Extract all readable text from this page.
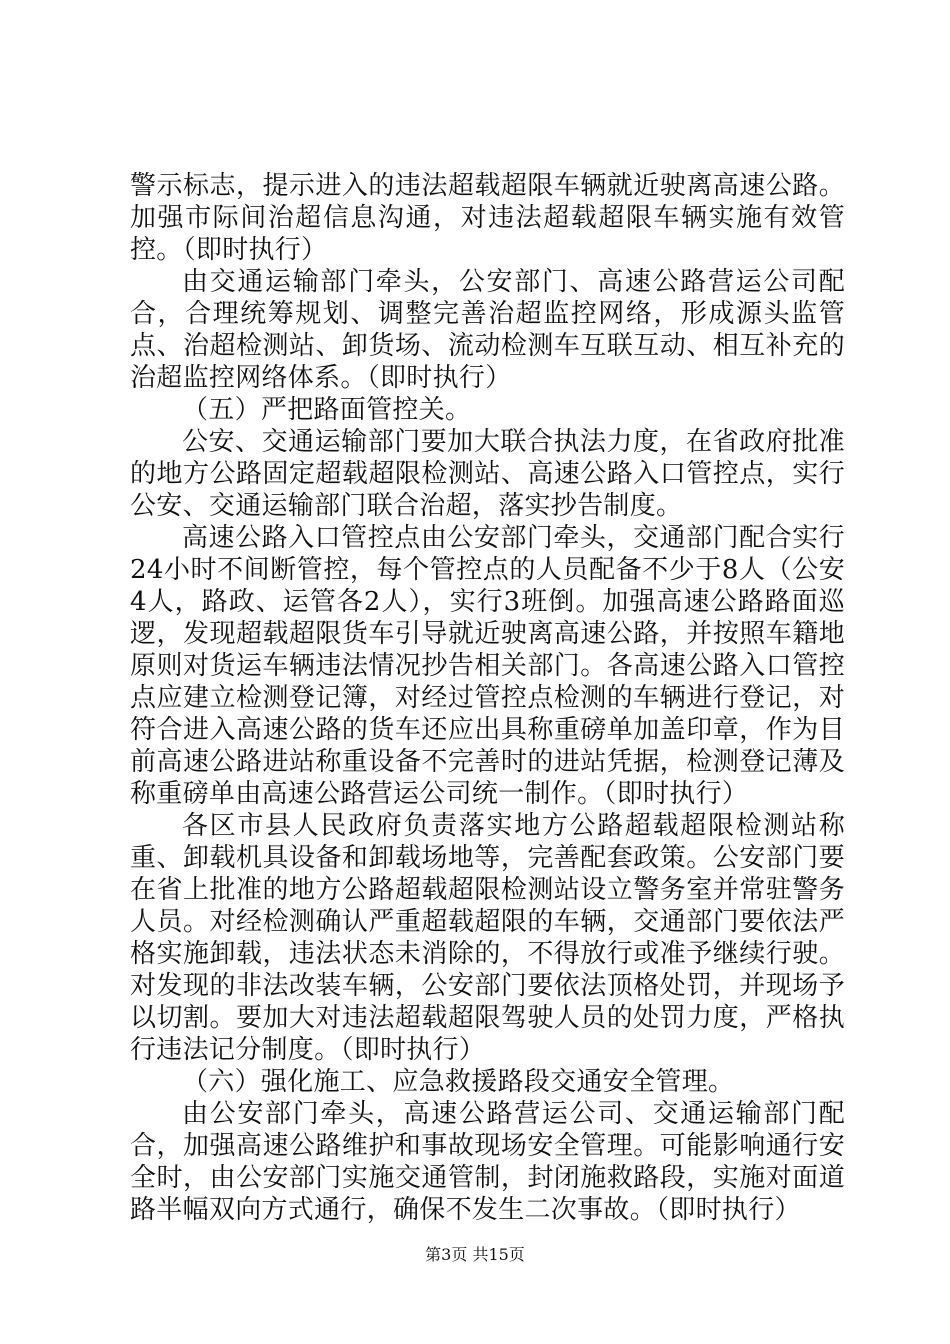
警示标志，提示进入的违法超载超限车辆就近驶离高速公路。加强市际间治超信息沟通，对违法超载超限车辆实施有效管控。（即时执行）

由交通运输部门牵头，公安部门、高速公路营运公司配合，合理统筹规划、调整完善治超监控网络，形成源头监管点、治超检测站、卸货场、流动检测车互联互动、相互补充的治超监控网络体系。（即时执行）

（五）严把路面管控关。

公安、交通运输部门要加大联合执法力度，在省政府批准的地方公路固定超载超限检测站、高速公路入口管控点，实行公安、交通运输部门联合治超，落实抄告制度。

高速公路入口管控点由公安部门牵头，交通部门配合实行24小时不间断管控，每个管控点的人员配备不少于8人（公安4人，路政、运管各2人），实行3班倒。加强高速公路路面巡逻，发现超载超限货车引导就近驶离高速公路，并按照车籍地原则对货运车辆违法情况抄告相关部门。各高速公路入口管控点应建立检测登记簿，对经过管控点检测的车辆进行登记，对符合进入高速公路的货车还应出具称重磅单加盖印章，作为目前高速公路进站称重设备不完善时的进站凭据，检测登记薄及称重磅单由高速公路营运公司统一制作。（即时执行）

各区市县人民政府负责落实地方公路超载超限检测站称重、卸载机具设备和卸载场地等，完善配套政策。公安部门要在省上批准的地方公路超载超限检测站设立警务室并常驻警务人员。对经检测确认严重超载超限的车辆，交通部门要依法严格实施卸载，违法状态未消除的，不得放行或准予继续行驶。对发现的非法改装车辆，公安部门要依法顶格处罚，并现场予以切割。要加大对违法超载超限驾驶人员的处罚力度，严格执行违法记分制度。（即时执行）

（六）强化施工、应急救援路段交通安全管理。

由公安部门牵头，高速公路营运公司、交通运输部门配合，加强高速公路维护和事故现场安全管理。可能影响通行安全时，由公安部门实施交通管制，封闭施救路段，实施对面道路半幅双向方式通行，确保不发生二次事故。（即时执行）

第3页 共15页
